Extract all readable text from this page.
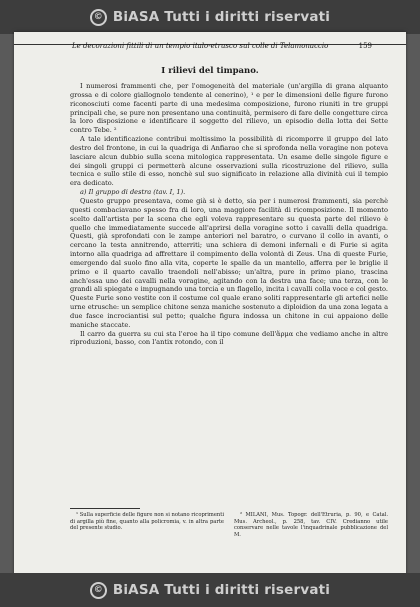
© BiASA Tutti i diritti riservati
Le decorazioni fittili di un tempio italo-etrusco sul colle di Telamonaccio	159
I rilievi del timpano.

I numerosi frammenti che, per l'omogeneità del materiale (un'argilla di grana alquanto grossa e di colore giallognolo tendente al cenerino), ¹ e per le dimensioni delle figure furono riconosciuti come facenti parte di una medesima composizione, furono riuniti in tre gruppi principali che, se pure non presentano una continuità, permisero di fare delle congetture circa la loro disposizione e identificare il soggetto del rilievo, un episodio della lotta dei Sette contro Tebe. ²

A tale identificazione contribui moltissimo la possibilità di ricomporre il gruppo del lato destro del frontone, in cui la quadriga di Anfiarao che si sprofonda nella voragine non poteva lasciare alcun dubbio sulla scena mitologica rappresentata. Un esame delle singole figure e dei singoli gruppi ci permetterà alcune osservazioni sulla ricostruzione del rilievo, sulla tecnica e sullo stile di esso, nonchè sul suo significato in relazione alla divinità cui il tempio era dedicato.

a) Il gruppo di destra (tav. I, 1).

Questo gruppo presentava, come già si è detto, sia per i numerosi frammenti, sia perchè questi combaciavano spesso fra di loro, una maggiore facilità di ricomposizione. Il momento scelto dall'artista per la scena che egli voleva rappresentare su questa parte del rilievo è quello che immediatamente succede all'aprirsi della voragine sotto i cavalli della quadriga. Questi, già sprofondati con le zampe anteriori nel baratro, o curvano il collo in avanti, o cercano la testa annitrendo, atterriti; una schiera di demoni infernali e di Furie si agita intorno alla quadriga ad affrettare il compimento della volontà di Zeus. Una di queste Furie, emergendo dal suolo fino alla vita, coperte le spalle da un mantello, afferra per le briglie il primo e il quarto cavallo traendoli nell'abisso; un'altra, pure in primo piano, trascina anch'essa uno dei cavalli nella voragine, agitando con la destra una face; una terza, con le grandi ali spiegate e impugnando una torcia e un flagello, incita i cavalli colla voce e col gesto. Queste Furie sono vestite con il costume col quale erano soliti rappresentarle gli artefici nelle urne etrusche: un semplice chitone senza maniche sostenuto a diploidion da una zona legata a due fasce incrociantisi sul petto; qualche figura indossa un chitone in cui appaiono delle maniche staccate.

Il carro da guerra su cui sta l'eroe ha il tipo comune dell'ἅρμα che vediamo anche in altre riproduzioni, basso, con l'antix rotondo, con il

¹ Sulla superficie delle figure non si notano ricoprimenti di argilla più fine, quanto alla policromia, v. in altra parte del presente studio.
² MILANI, Mus. Topogr. dell'Etruria, p. 90, e Catal. Mus. Archeol., p. 258, tav. CIV. Credianno utile conservare nelle tavole l'inquadrinale pubblicazione del M.
© BiASA Tutti i diritti riservati
